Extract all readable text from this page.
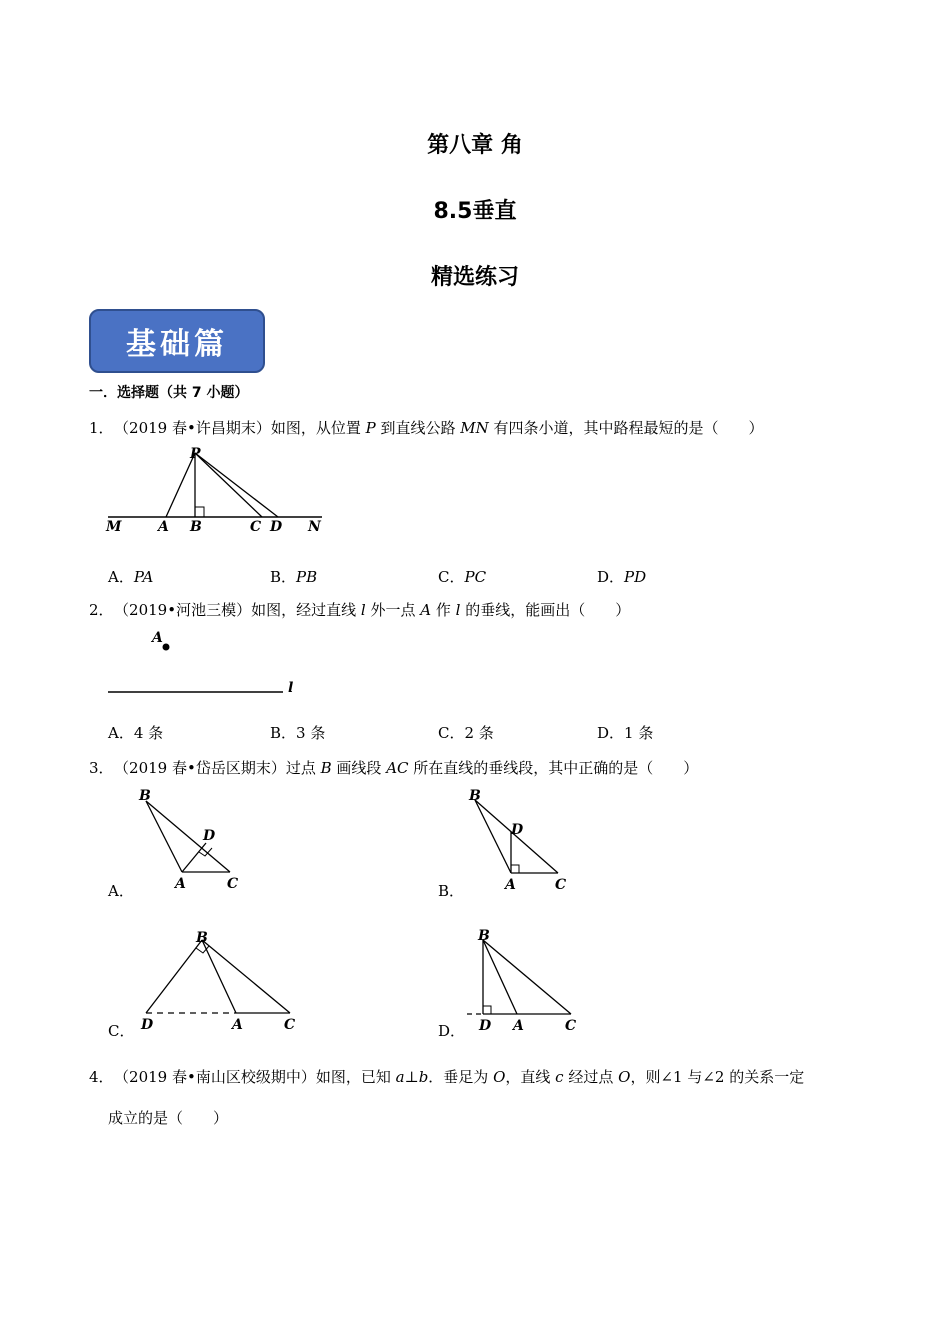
第八章 角
8.5垂直
精选练习
基础篇
一．选择题（共 7 小题）
1． （2019 春•许昌期末）如图，从位置 P 到直线公路 MN 有四条小道，其中路程最短的是（　　）
P
M	A B	C D N
A．PA	B．PB	C．PC	D．PD
2． （2019•河池三模）如图，经过直线 l 外一点 A 作 l 的垂线，能画出（　　）
A
l
A．4 条	B．3 条	C．2 条	D．1 条
3． （2019 春•岱岳区期末）过点 B 画线段 AC 所在直线的垂线段，其中正确的是（　　）
A．
B
D
A	C	B．
B
D
A	C
C．
B
D	A	C	D．
B
D A	C
4． （2019 春•南山区校级期中）如图，已知 a⊥b．垂足为 O，直线 c 经过点 O，则∠1 与∠2 的关系一定
成立的是（　　）
